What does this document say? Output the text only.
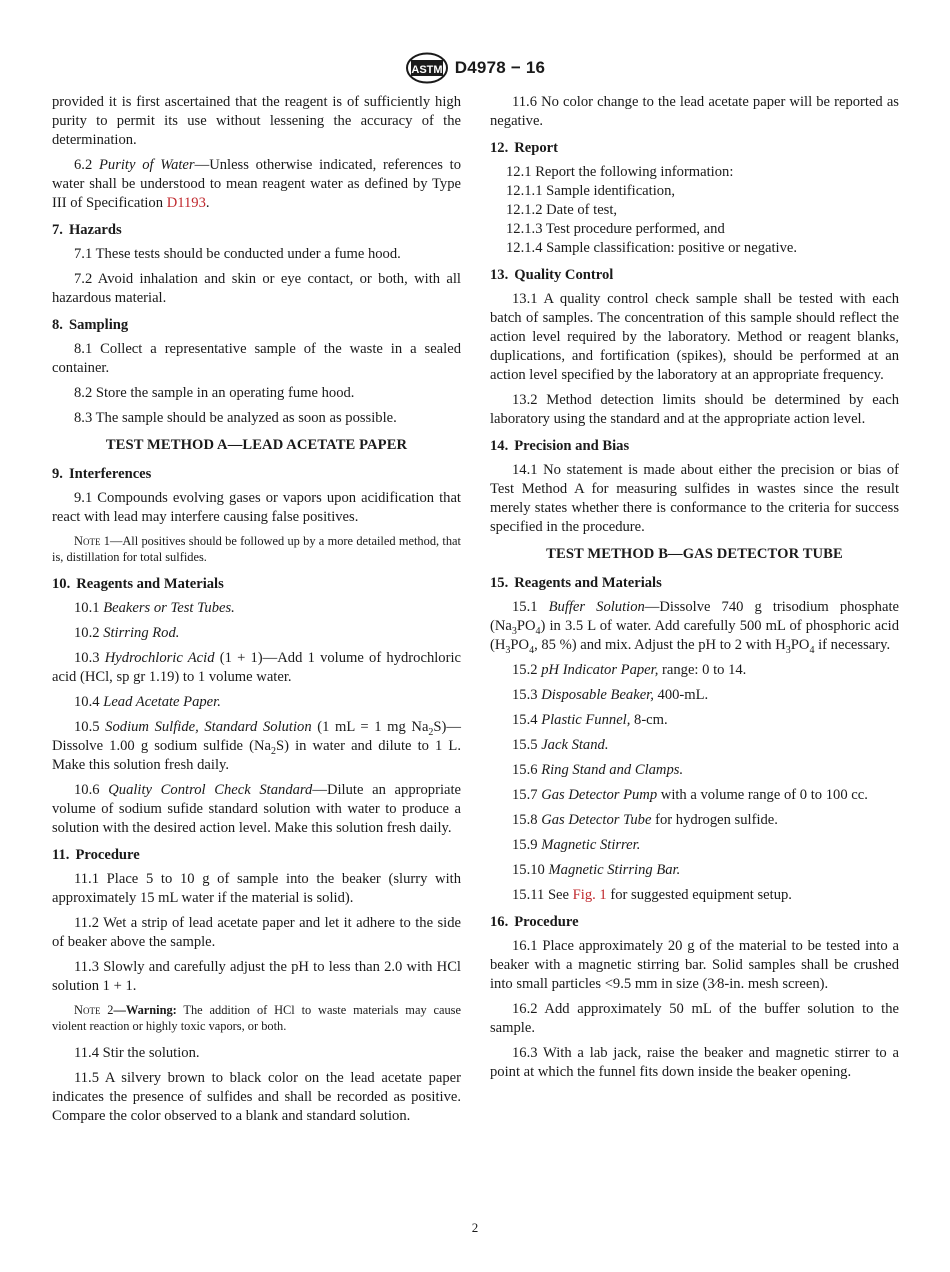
ASTM D4978 − 16

provided it is first ascertained that the reagent is of sufficiently high purity to permit its use without lessening the accuracy of the determination.

6.2 Purity of Water—Unless otherwise indicated, references to water shall be understood to mean reagent water as defined by Type III of Specification D1193.

7. Hazards

7.1 These tests should be conducted under a fume hood.

7.2 Avoid inhalation and skin or eye contact, or both, with all hazardous material.

8. Sampling

8.1 Collect a representative sample of the waste in a sealed container.

8.2 Store the sample in an operating fume hood.

8.3 The sample should be analyzed as soon as possible.

TEST METHOD A—LEAD ACETATE PAPER
9. Interferences

9.1 Compounds evolving gases or vapors upon acidification that react with lead may interfere causing false positives.

Note 1—All positives should be followed up by a more detailed method, that is, distillation for total sulfides.

10. Reagents and Materials

10.1 Beakers or Test Tubes.

10.2 Stirring Rod.

10.3 Hydrochloric Acid (1 + 1)—Add 1 volume of hydrochloric acid (HCl, sp gr 1.19) to 1 volume water.

10.4 Lead Acetate Paper.

10.5 Sodium Sulfide, Standard Solution (1 mL = 1 mg $Na_2S)—Dissolve$ 1.00 g sodium sulfide $(Na_2S)$ in water and dilute to 1 L. Make this solution fresh daily.

10.6 Quality Control Check Standard—Dilute an appropriate volume of sodium sufide standard solution with water to produce a solution with the desired action level. Make this solution fresh daily.

11. Procedure

11.1 Place 5 to 10 g of sample into the beaker (slurry with approximately 15 mL water if the material is solid).

11.2 Wet a strip of lead acetate paper and let it adhere to the side of beaker above the sample.

11.3 Slowly and carefully adjust the pH to less than 2.0 with HCl solution 1 + 1.

Note 2—Warning: The addition of HCl to waste materials may cause violent reaction or highly toxic vapors, or both.

11.4 Stir the solution.

11.5 A silvery brown to black color on the lead acetate paper indicates the presence of sulfides and shall be recorded as positive. Compare the color observed to a blank and standard solution.

11.6 No color change to the lead acetate paper will be reported as negative.

12. Report

12.1 Report the following information:

12.1.1 Sample identification,

12.1.2 Date of test,

12.1.3 Test procedure performed, and

12.1.4 Sample classification: positive or negative.

13. Quality Control

13.1 A quality control check sample shall be tested with each batch of samples. The concentration of this sample should reflect the action level required by the laboratory. Method or reagent blanks, duplications, and fortification (spikes), should be performed at an action level specified by the laboratory at an appropriate frequency.

13.2 Method detection limits should be determined by each laboratory using the standard and at the appropriate action level.

14. Precision and Bias

14.1 No statement is made about either the precision or bias of Test Method A for measuring sulfides in wastes since the result merely states whether there is conformance to the criteria for success specified in the procedure.

TEST METHOD B—GAS DETECTOR TUBE
15. Reagents and Materials

15.1 Buffer Solution—Dissolve 740 g trisodium phosphate $(Na_3PO_4)$ in 3.5 L of water. Add carefully 500 mL of phosphoric acid ($H_3PO_4$, 85 %) and mix. Adjust the pH to 2 with $H_3PO_4$ if necessary.

15.2 pH Indicator Paper, range: 0 to 14.

15.3 Disposable Beaker, 400-mL.

15.4 Plastic Funnel, 8-cm.

15.5 Jack Stand.

15.6 Ring Stand and Clamps.

15.7 Gas Detector Pump with a volume range of 0 to 100 cc.

15.8 Gas Detector Tube for hydrogen sulfide.

15.9 Magnetic Stirrer.

15.10 Magnetic Stirring Bar.

15.11 See Fig. 1 for suggested equipment setup.

16. Procedure

16.1 Place approximately 20 g of the material to be tested into a beaker with a magnetic stirring bar. Solid samples shall be crushed into small particles <9.5 mm in size (3⁄8-in. mesh screen).

16.2 Add approximately 50 mL of the buffer solution to the sample.

16.3 With a lab jack, raise the beaker and magnetic stirrer to a point at which the funnel fits down inside the beaker opening.

2
